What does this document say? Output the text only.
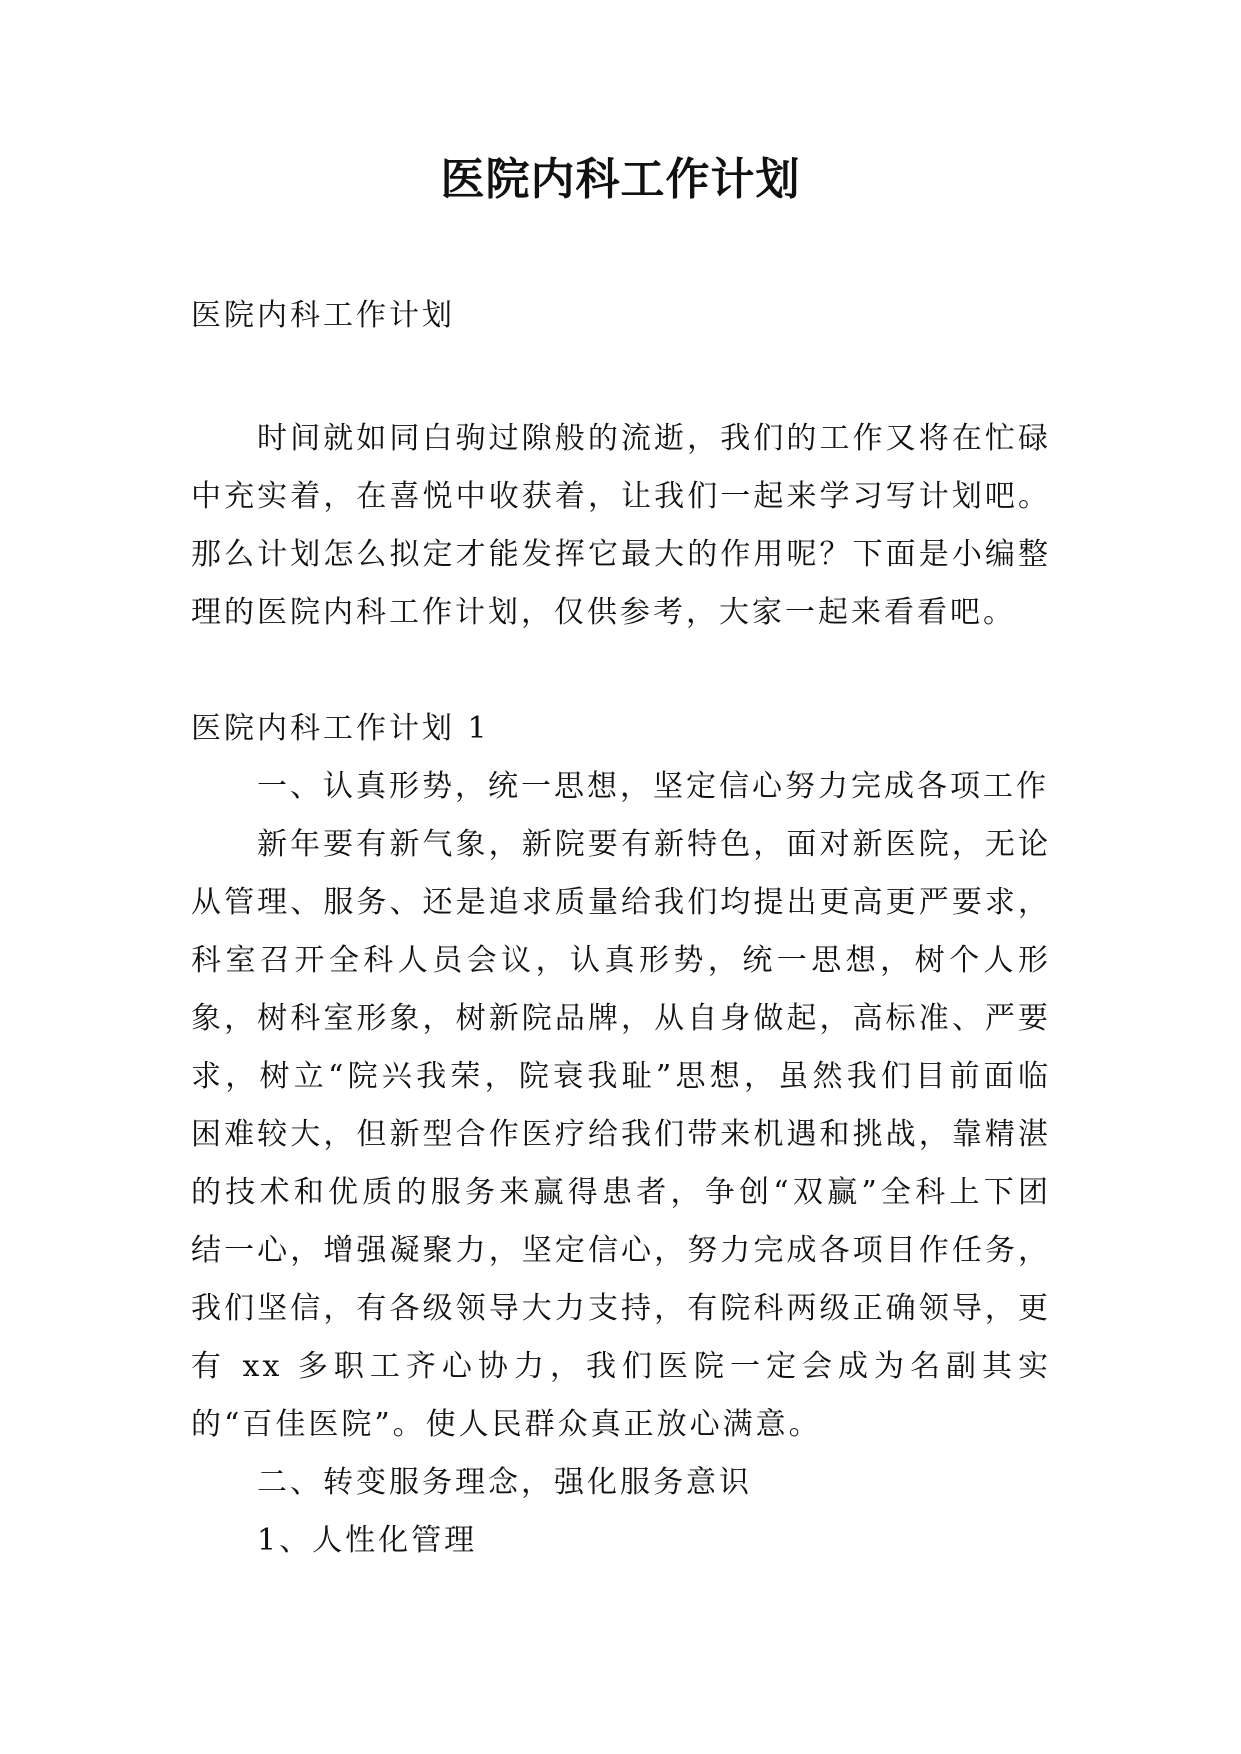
医院内科工作计划

医院内科工作计划

时间就如同白驹过隙般的流逝，我们的工作又将在忙碌中充实着，在喜悦中收获着，让我们一起来学习写计划吧。那么计划怎么拟定才能发挥它最大的作用呢？下面是小编整理的医院内科工作计划，仅供参考，大家一起来看看吧。

医院内科工作计划 1

一、认真形势，统一思想，坚定信心努力完成各项工作

新年要有新气象，新院要有新特色，面对新医院，无论从管理、服务、还是追求质量给我们均提出更高更严要求，科室召开全科人员会议，认真形势，统一思想，树个人形象，树科室形象，树新院品牌，从自身做起，高标准、严要求，树立“院兴我荣，院衰我耻”思想，虽然我们目前面临困难较大，但新型合作医疗给我们带来机遇和挑战，靠精湛的技术和优质的服务来赢得患者，争创“双赢”全科上下团结一心，增强凝聚力，坚定信心，努力完成各项目作任务，我们坚信，有各级领导大力支持，有院科两级正确领导，更有 xx 多职工齐心协力，我们医院一定会成为名副其实的“百佳医院”。使人民群众真正放心满意。

二、转变服务理念，强化服务意识

1、人性化管理
